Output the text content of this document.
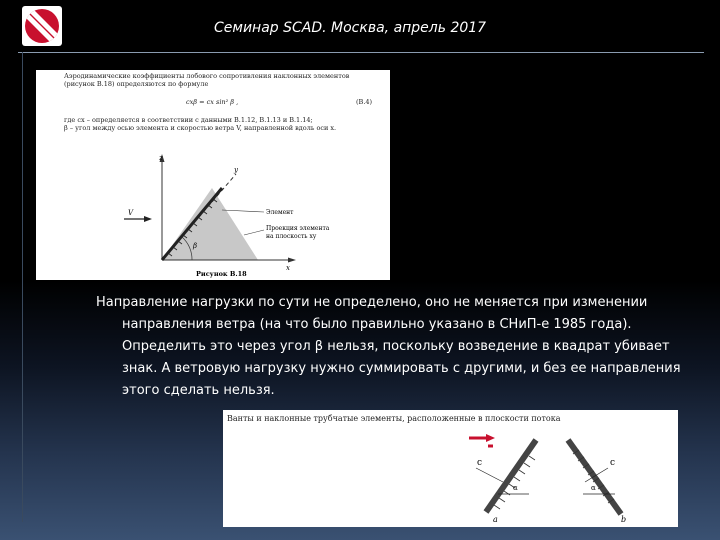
Семинар SCAD. Москва, апрель 2017
Аэродинамические коэффициенты лобового сопротивления наклонных элементов
(рисунок В.18) определяются по формуле
cxβ = cx sin² β ,	(В.4)
где cx – определяется в соответствии с данными В.1.12, В.1.13 и В.1.14;
β – угол между осью элемента и скоростью ветра V, направленной вдоль оси x.
z
x
y
V
β
Элемент
Проекция элемента
на плоскость xy
Рисунок В.18

Направление нагрузки по сути не определено, оно не меняется при изменении направления ветра (на что было правильно указано в СНиП-е 1985 года). Определить это через угол β нельзя, поскольку возведение в квадрат убивает знак. А ветровую нагрузку нужно суммировать с другими, и без ее направления этого сделать нельзя.

Ванты и наклонные трубчатые элементы, расположенные в плоскости потока
c
α
a
c
α
b
